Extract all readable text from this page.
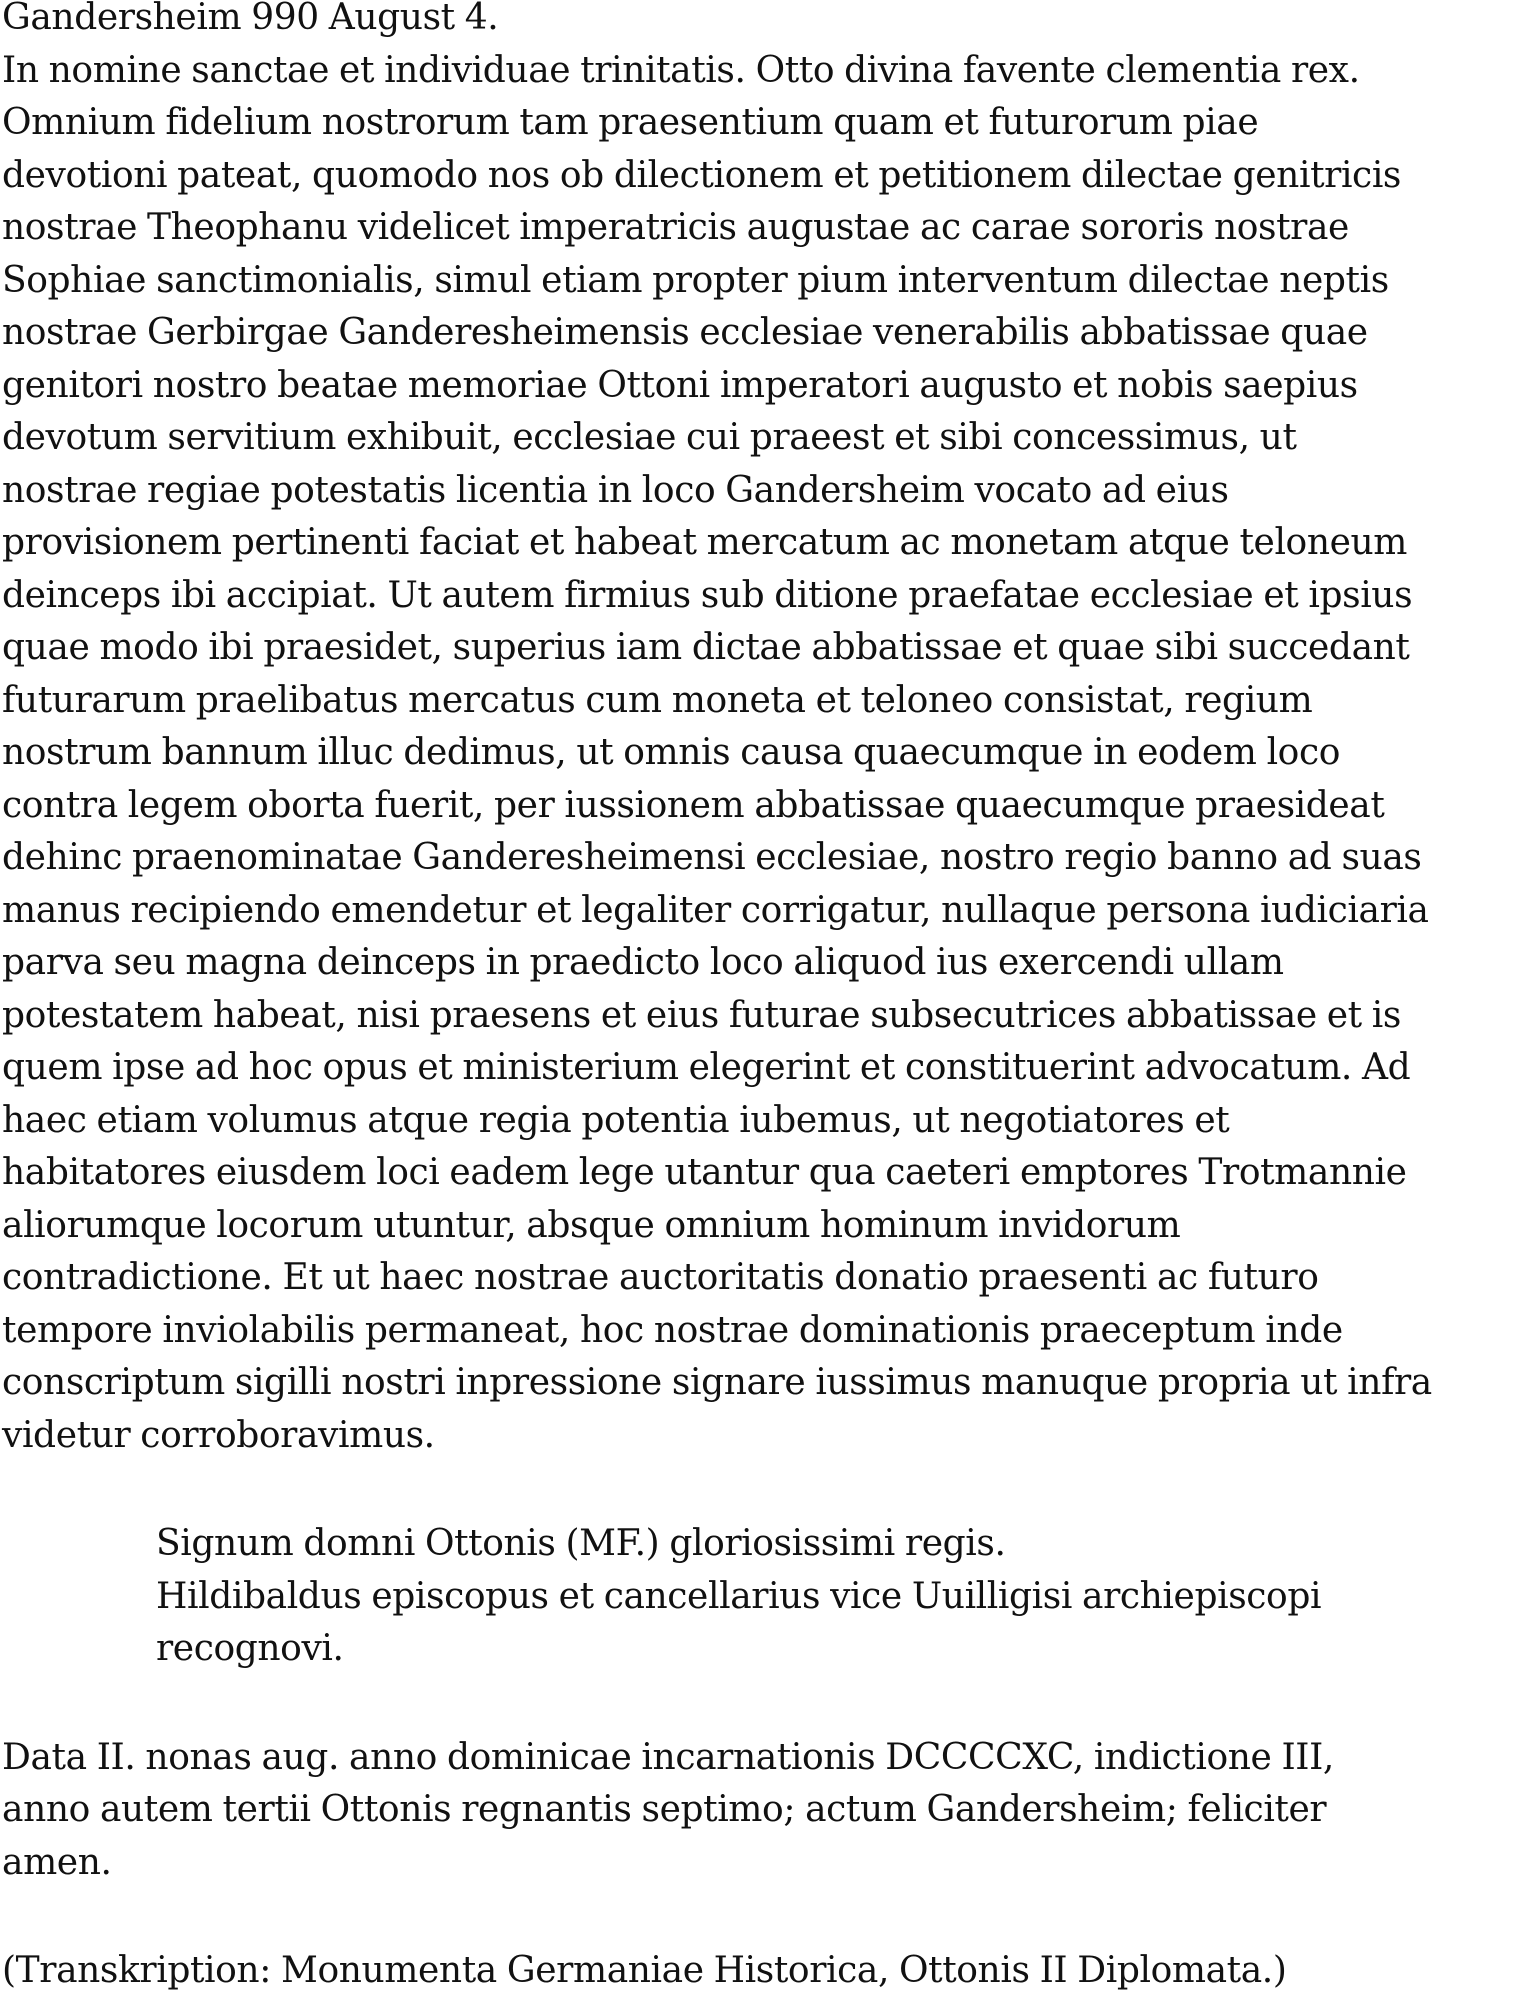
Gandersheim 990 August 4.
In nomine sanctae et individuae trinitatis. Otto divina favente clementia rex.
Omnium fidelium nostrorum tam praesentium quam et futurorum piae
devotioni pateat, quomodo nos ob dilectionem et petitionem dilectae genitricis
nostrae Theophanu videlicet imperatricis augustae ac carae sororis nostrae
Sophiae sanctimonialis, simul etiam propter pium interventum dilectae neptis
nostrae Gerbirgae Ganderesheimensis ecclesiae venerabilis abbatissae quae
genitori nostro beatae memoriae Ottoni imperatori augusto et nobis saepius
devotum servitium exhibuit, ecclesiae cui praeest et sibi concessimus, ut
nostrae regiae potestatis licentia in loco Gandersheim vocato ad eius
provisionem pertinenti faciat et habeat mercatum ac monetam atque teloneum
deinceps ibi accipiat. Ut autem firmius sub ditione praefatae ecclesiae et ipsius
quae modo ibi praesidet, superius iam dictae abbatissae et quae sibi succedant
futurarum praelibatus mercatus cum moneta et teloneo consistat, regium
nostrum bannum illuc dedimus, ut omnis causa quaecumque in eodem loco
contra legem oborta fuerit, per iussionem abbatissae quaecumque praesideat
dehinc praenominatae Ganderesheimensi ecclesiae, nostro regio banno ad suas
manus recipiendo emendetur et legaliter corrigatur, nullaque persona iudiciaria
parva seu magna deinceps in praedicto loco aliquod ius exercendi ullam
potestatem habeat, nisi praesens et eius futurae subsecutrices abbatissae et is
quem ipse ad hoc opus et ministerium elegerint et constituerint advocatum. Ad
haec etiam volumus atque regia potentia iubemus, ut negotiatores et
habitatores eiusdem loci eadem lege utantur qua caeteri emptores Trotmannie
aliorumque locorum utuntur, absque omnium hominum invidorum
contradictione. Et ut haec nostrae auctoritatis donatio praesenti ac futuro
tempore inviolabilis permaneat, hoc nostrae dominationis praeceptum inde
conscriptum sigilli nostri inpressione signare iussimus manuque propria ut infra
videtur corroboravimus.
Signum domni Ottonis (MF.) gloriosissimi regis.
Hildibaldus episcopus et cancellarius vice Uuilligisi archiepiscopi
recognovi.
Data II. nonas aug. anno dominicae incarnationis DCCCCXC, indictione III,
anno autem tertii Ottonis regnantis septimo; actum Gandersheim; feliciter
amen.
(Transkription: Monumenta Germaniae Historica, Ottonis II Diplomata.)
